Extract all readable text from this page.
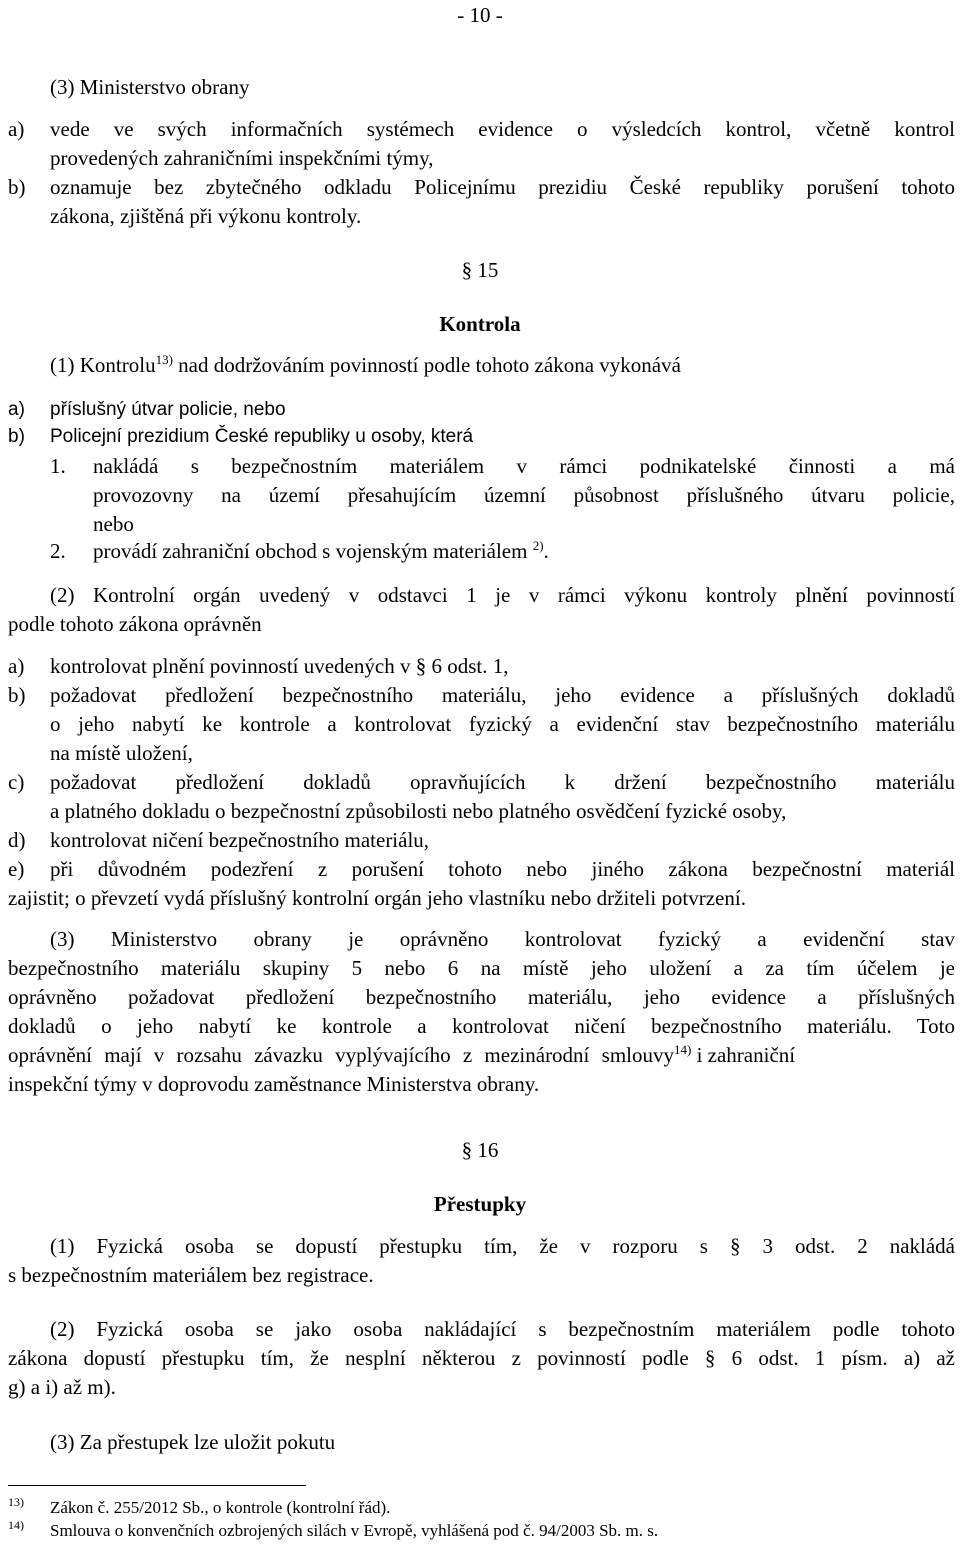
- 10 -
(3) Ministerstvo obrany
a) vede ve svých informačních systémech evidence o výsledcích kontrol, včetně kontrol
provedených zahraničními inspekčními týmy,
b) oznamuje bez zbytečného odkladu Policejnímu prezidiu České republiky porušení tohoto
zákona, zjištěná při výkonu kontroly.
§ 15
Kontrola
(1) Kontrolu$^{13)}$ nad dodržováním povinností podle tohoto zákona vykonává
a) příslušný útvar policie, nebo
b) Policejní prezidium České republiky u osoby, která
1. nakládá s bezpečnostním materiálem v rámci podnikatelské činnosti a má
provozovny na území přesahujícím územní působnost příslušného útvaru policie,
nebo
2. provádí zahraniční obchod s vojenským materiálem $^{2)}$.
(2) Kontrolní orgán uvedený v odstavci 1 je v rámci výkonu kontroly plnění povinností
podle tohoto zákona oprávněn
a) kontrolovat plnění povinností uvedených v § 6 odst. 1,
b) požadovat předložení bezpečnostního materiálu, jeho evidence a příslušných dokladů
o jeho nabytí ke kontrole a kontrolovat fyzický a evidenční stav bezpečnostního materiálu
na místě uložení,
c) požadovat předložení dokladů opravňujících k držení bezpečnostního materiálu
a platného dokladu o bezpečnostní způsobilosti nebo platného osvědčení fyzické osoby,
d) kontrolovat ničení bezpečnostního materiálu,
e) při důvodném podezření z porušení tohoto nebo jiného zákona bezpečnostní materiál
zajistit; o převzetí vydá příslušný kontrolní orgán jeho vlastníku nebo držiteli potvrzení.
(3) Ministerstvo obrany je oprávněno kontrolovat fyzický a evidenční stav
bezpečnostního materiálu skupiny 5 nebo 6 na místě jeho uložení a za tím účelem je
oprávněno požadovat předložení bezpečnostního materiálu, jeho evidence a příslušných
dokladů o jeho nabytí ke kontrole a kontrolovat ničení bezpečnostního materiálu. Toto
oprávnění mají v rozsahu závazku vyplývajícího z mezinárodní smlouvy$^{14)}$ i zahraniční
inspekční týmy v doprovodu zaměstnance Ministerstva obrany.
§ 16
Přestupky
(1) Fyzická osoba se dopustí přestupku tím, že v rozporu s § 3 odst. 2 nakládá
s bezpečnostním materiálem bez registrace.
(2) Fyzická osoba se jako osoba nakládající s bezpečnostním materiálem podle tohoto
zákona dopustí přestupku tím, že nesplní některou z povinností podle § 6 odst. 1 písm. a) až
g) a i) až m).
(3) Za přestupek lze uložit pokutu
13) Zákon č. 255/2012 Sb., o kontrole (kontrolní řád).
14) Smlouva o konvenčních ozbrojených silách v Evropě, vyhlášená pod č. 94/2003 Sb. m. s.
